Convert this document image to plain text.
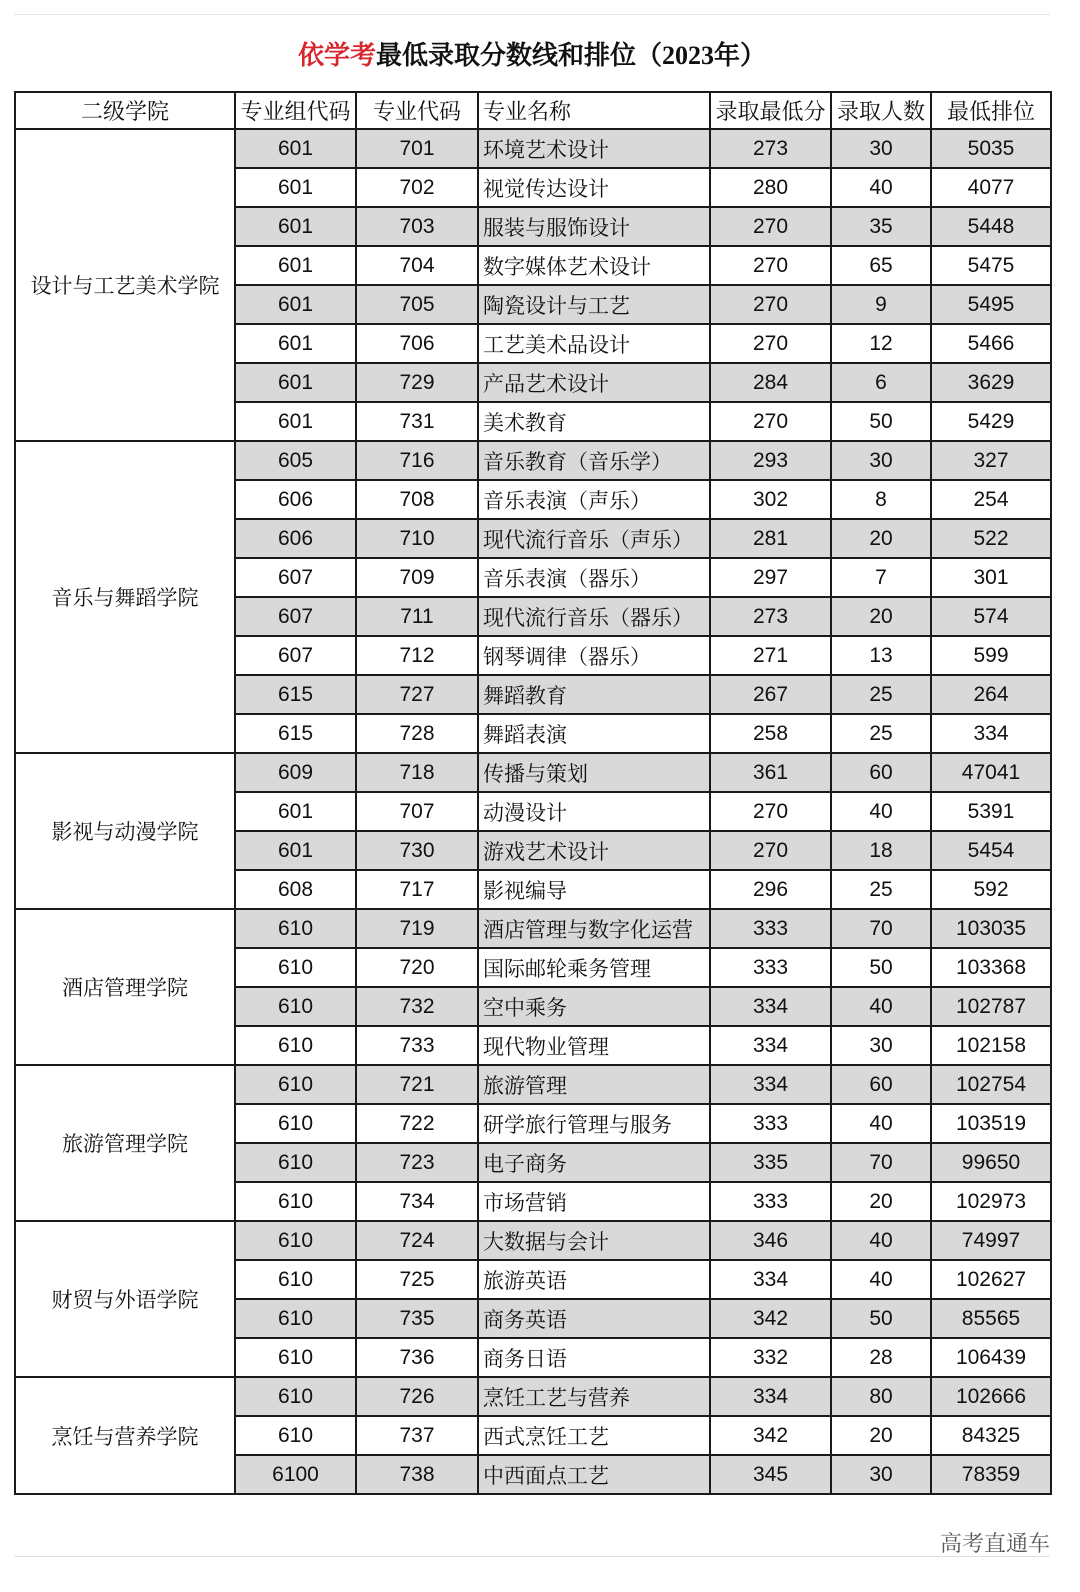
依学考 最低录取分数线和排位（2023年）
二级学院	专业组代码	专业代码	专业名称	录取最低分	录取人数	最低排位
设计与工艺美术学院	601	701	环境艺术设计	273	30	5035
	601	702	视觉传达设计	280	40	4077
	601	703	服装与服饰设计	270	35	5448
	601	704	数字媒体艺术设计	270	65	5475
	601	705	陶瓷设计与工艺	270	9	5495
	601	706	工艺美术品设计	270	12	5466
	601	729	产品艺术设计	284	6	3629
	601	731	美术教育	270	50	5429
音乐与舞蹈学院	605	716	音乐教育（音乐学）	293	30	327
	606	708	音乐表演（声乐）	302	8	254
	606	710	现代流行音乐（声乐）	281	20	522
	607	709	音乐表演（器乐）	297	7	301
	607	711	现代流行音乐（器乐）	273	20	574
	607	712	钢琴调律（器乐）	271	13	599
	615	727	舞蹈教育	267	25	264
	615	728	舞蹈表演	258	25	334
影视与动漫学院	609	718	传播与策划	361	60	47041
	601	707	动漫设计	270	40	5391
	601	730	游戏艺术设计	270	18	5454
	608	717	影视编导	296	25	592
酒店管理学院	610	719	酒店管理与数字化运营	333	70	103035
	610	720	国际邮轮乘务管理	333	50	103368
	610	732	空中乘务	334	40	102787
	610	733	现代物业管理	334	30	102158
旅游管理学院	610	721	旅游管理	334	60	102754
	610	722	研学旅行管理与服务	333	40	103519
	610	723	电子商务	335	70	99650
	610	734	市场营销	333	20	102973
财贸与外语学院	610	724	大数据与会计	346	40	74997
	610	725	旅游英语	334	40	102627
	610	735	商务英语	342	50	85565
	610	736	商务日语	332	28	106439
烹饪与营养学院	610	726	烹饪工艺与营养	334	80	102666
	610	737	西式烹饪工艺	342	20	84325
	6100	738	中西面点工艺	345	30	78359
高考直通车
